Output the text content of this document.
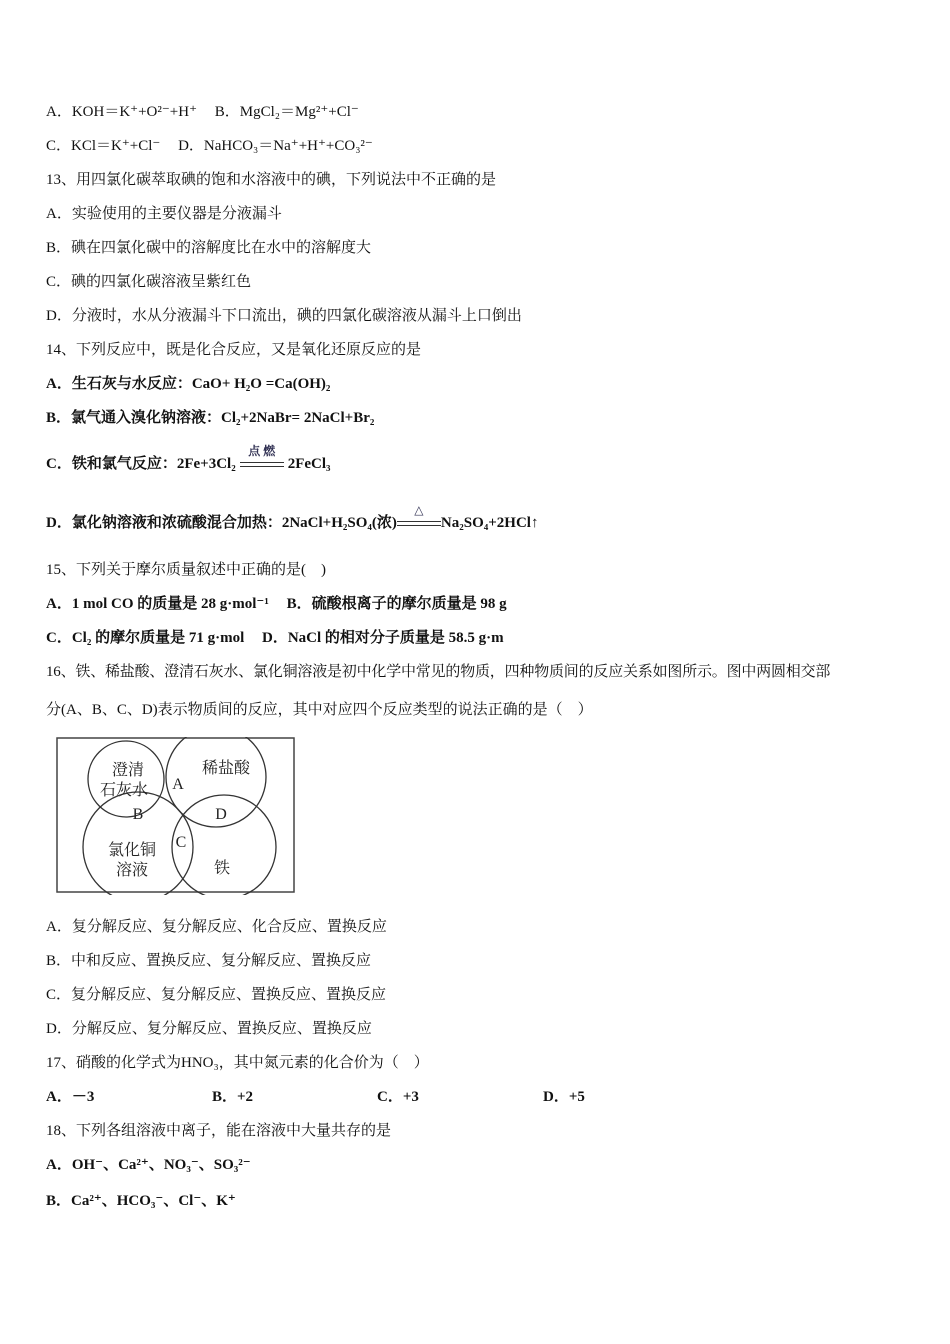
A．KOH＝K⁺+O²⁻+H⁺ B．MgCl₂＝Mg²⁺+Cl⁻
C．KCl＝K⁺+Cl⁻ D．NaHCO₃＝Na⁺+H⁺+CO₃²⁻
13、用四氯化碳萃取碘的饱和水溶液中的碘，下列说法中不正确的是
A．实验使用的主要仪器是分液漏斗
B．碘在四氯化碳中的溶解度比在水中的溶解度大
C．碘的四氯化碳溶液呈紫红色
D．分液时，水从分液漏斗下口流出，碘的四氯化碳溶液从漏斗上口倒出
14、下列反应中，既是化合反应，又是氧化还原反应的是
A．生石灰与水反应：CaO+ H₂O =Ca(OH)₂
B．氯气通入溴化钠溶液：Cl₂+2NaBr= 2NaCl+Br₂
C．铁和氯气反应：2Fe+3Cl₂
点 燃
2FeCl₃
D．氯化钠溶液和浓硫酸混合加热：2NaCl+H₂SO₄(浓)
△
Na₂SO₄+2HCl↑
15、下列关于摩尔质量叙述中正确的是(　)
A．1 mol CO 的质量是 28 g·mol⁻¹ B．硫酸根离子的摩尔质量是 98 g
C．Cl₂ 的摩尔质量是 71 g·mol D．NaCl 的相对分子质量是 58.5 g·m
16、铁、稀盐酸、澄清石灰水、氯化铜溶液是初中化学中常见的物质，四种物质间的反应关系如图所示。图中两圆相交部
分(A、B、C、D)表示物质间的反应，其中对应四个反应类型的说法正确的是（　）
澄清
石灰水
稀盐酸
氯化铜
溶液	铁
A
B
C
D
A．复分解反应、复分解反应、化合反应、置换反应
B．中和反应、置换反应、复分解反应、置换反应
C．复分解反应、复分解反应、置换反应、置换反应
D．分解反应、复分解反应、置换反应、置换反应
17、硝酸的化学式为HNO₃，其中氮元素的化合价为（　）
A．－3	B．+2	C．+3	D．+5
18、下列各组溶液中离子，能在溶液中大量共存的是
A．OH⁻、Ca²⁺、NO₃⁻、SO₃²⁻
B．Ca²⁺、HCO₃⁻、Cl⁻、K⁺
